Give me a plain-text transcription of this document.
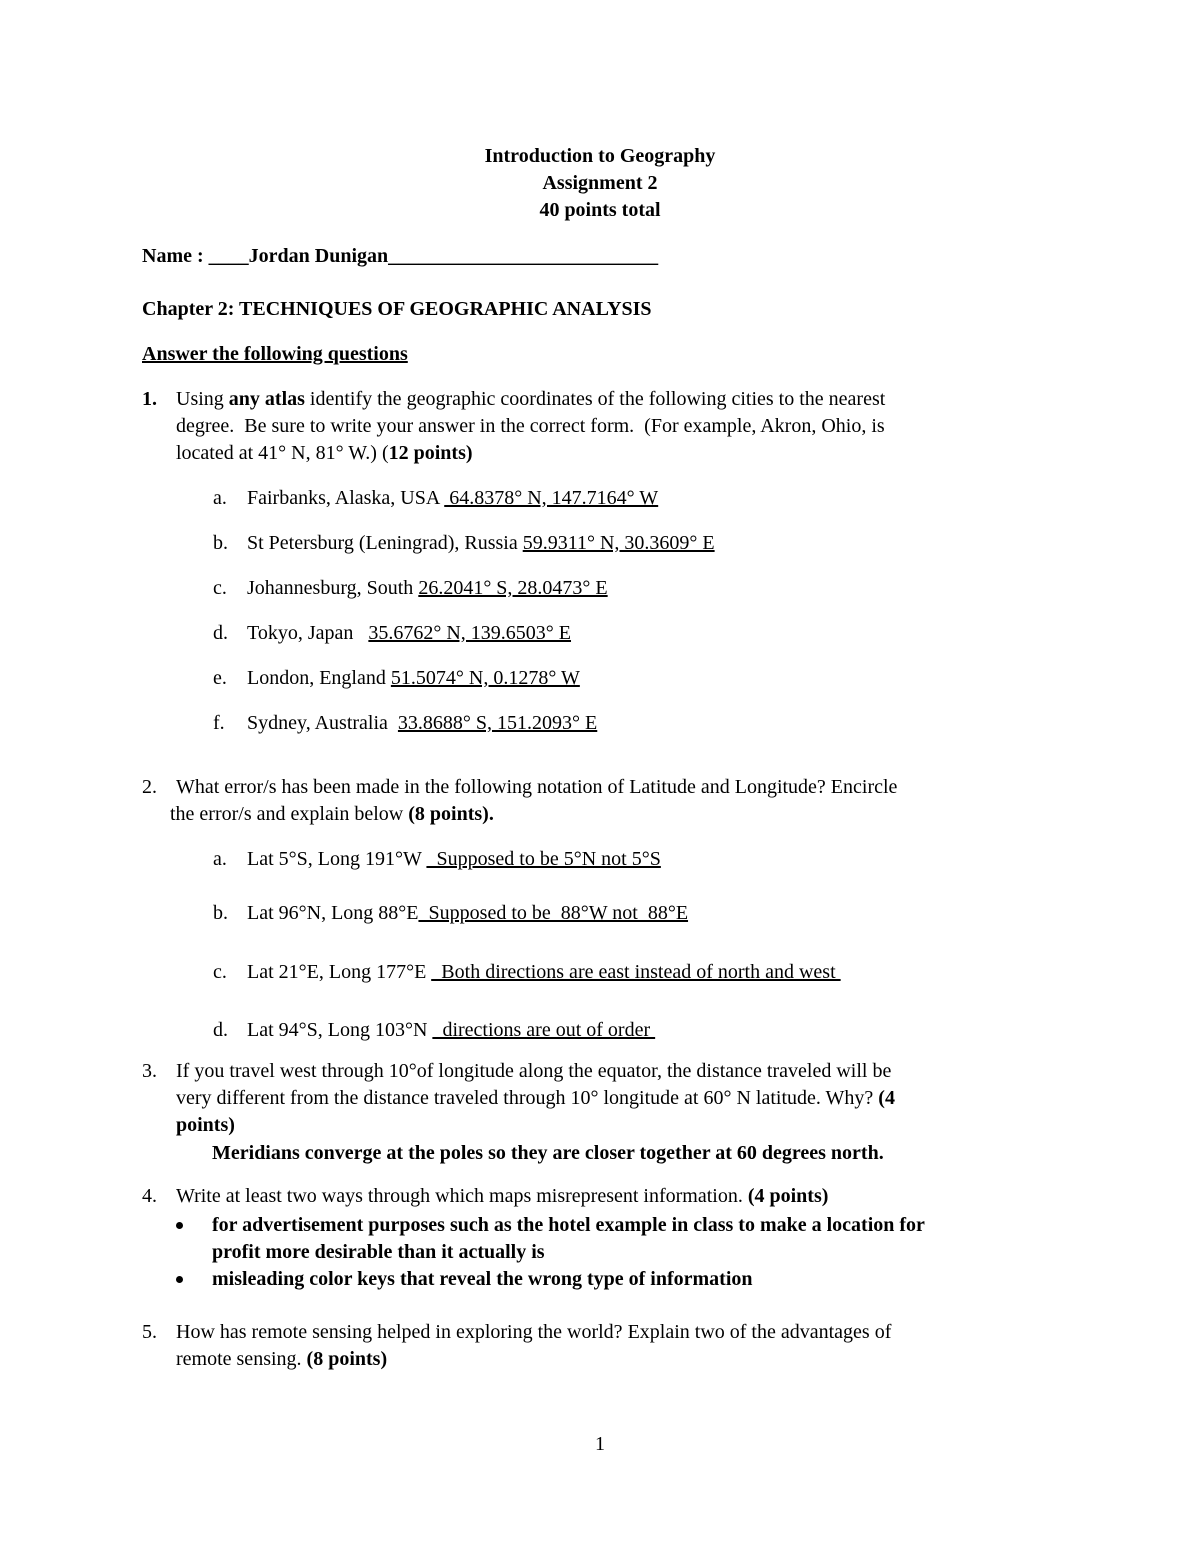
Introduction to Geography
Assignment 2
40 points total
Name : ____Jordan Dunigan___________________________
Chapter 2: TECHNIQUES OF GEOGRAPHIC ANALYSIS
Answer the following questions
1. Using any atlas identify the geographic coordinates of the following cities to the nearest
degree.  Be sure to write your answer in the correct form.  (For example, Akron, Ohio, is
located at 41° N, 81° W.) (12 points)
a. Fairbanks, Alaska, USA  64.8378° N, 147.7164° W
b. St Petersburg (Leningrad), Russia 59.9311° N, 30.3609° E
c. Johannesburg, South 26.2041° S, 28.0473° E
d. Tokyo, Japan   35.6762° N, 139.6503° E
e. London, England 51.5074° N, 0.1278° W
f. Sydney, Australia  33.8688° S, 151.2093° E
2. What error/s has been made in the following notation of Latitude and Longitude? Encircle
the error/s and explain below (8 points).
a. Lat 5°S, Long 191°W _Supposed to be 5°N not 5°S
b. Lat 96°N, Long 88°E_Supposed to be  88°W not  88°E
c. Lat 21°E, Long 177°E _Both directions are east instead of north and west
d. Lat 94°S, Long 103°N _directions are out of order
3. If you travel west through 10°of longitude along the equator, the distance traveled will be
very different from the distance traveled through 10° longitude at 60° N latitude. Why? (4
points)
Meridians converge at the poles so they are closer together at 60 degrees north.
4. Write at least two ways through which maps misrepresent information. (4 points)
for advertisement purposes such as the hotel example in class to make a location for
profit more desirable than it actually is
misleading color keys that reveal the wrong type of information
5. How has remote sensing helped in exploring the world? Explain two of the advantages of
remote sensing. (8 points)
1
